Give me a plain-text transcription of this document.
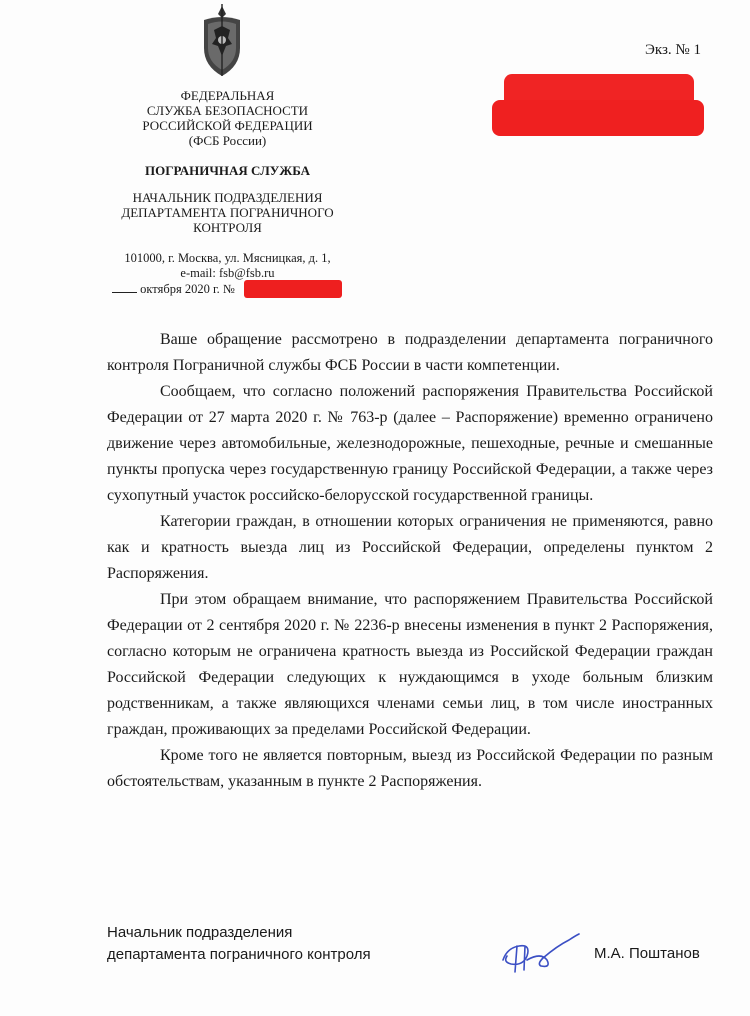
ФЕДЕРАЛЬНАЯ
СЛУЖБА БЕЗОПАСНОСТИ
РОССИЙСКОЙ ФЕДЕРАЦИИ
(ФСБ России)
ПОГРАНИЧНАЯ СЛУЖБА
НАЧАЛЬНИК ПОДРАЗДЕЛЕНИЯ
ДЕПАРТАМЕНТА ПОГРАНИЧНОГО
КОНТРОЛЯ
101000, г. Москва, ул. Мясницкая, д. 1,
e-mail: fsb@fsb.ru
октября 2020 г. №
Экз. № 1

Ваше обращение рассмотрено в подразделении департамента пограничного контроля Пограничной службы ФСБ России в части компетенции.

Сообщаем, что согласно положений распоряжения Правительства Российской Федерации от 27 марта 2020 г. № 763-р (далее – Распоряжение) временно ограничено движение через автомобильные, железнодорожные, пешеходные, речные и смешанные пункты пропуска через государственную границу Российской Федерации, а также через сухопутный участок российско-белорусской государственной границы.

Категории граждан, в отношении которых ограничения не применяются, равно как и кратность выезда лиц из Российской Федерации, определены пунктом 2 Распоряжения.

При этом обращаем внимание, что распоряжением Правительства Российской Федерации от 2 сентября 2020 г. № 2236-р внесены изменения в пункт 2 Распоряжения, согласно которым не ограничена кратность выезда из Российской Федерации граждан Российской Федерации следующих к нуждающимся в уходе больным близким родственникам, а также являющихся членами семьи лиц, в том числе иностранных граждан, проживающих за пределами Российской Федерации.

Кроме того не является повторным, выезд из Российской Федерации по разным обстоятельствам, указанным в пункте 2 Распоряжения.

Начальник подразделения
департамента пограничного контроля	М.А. Поштанов
